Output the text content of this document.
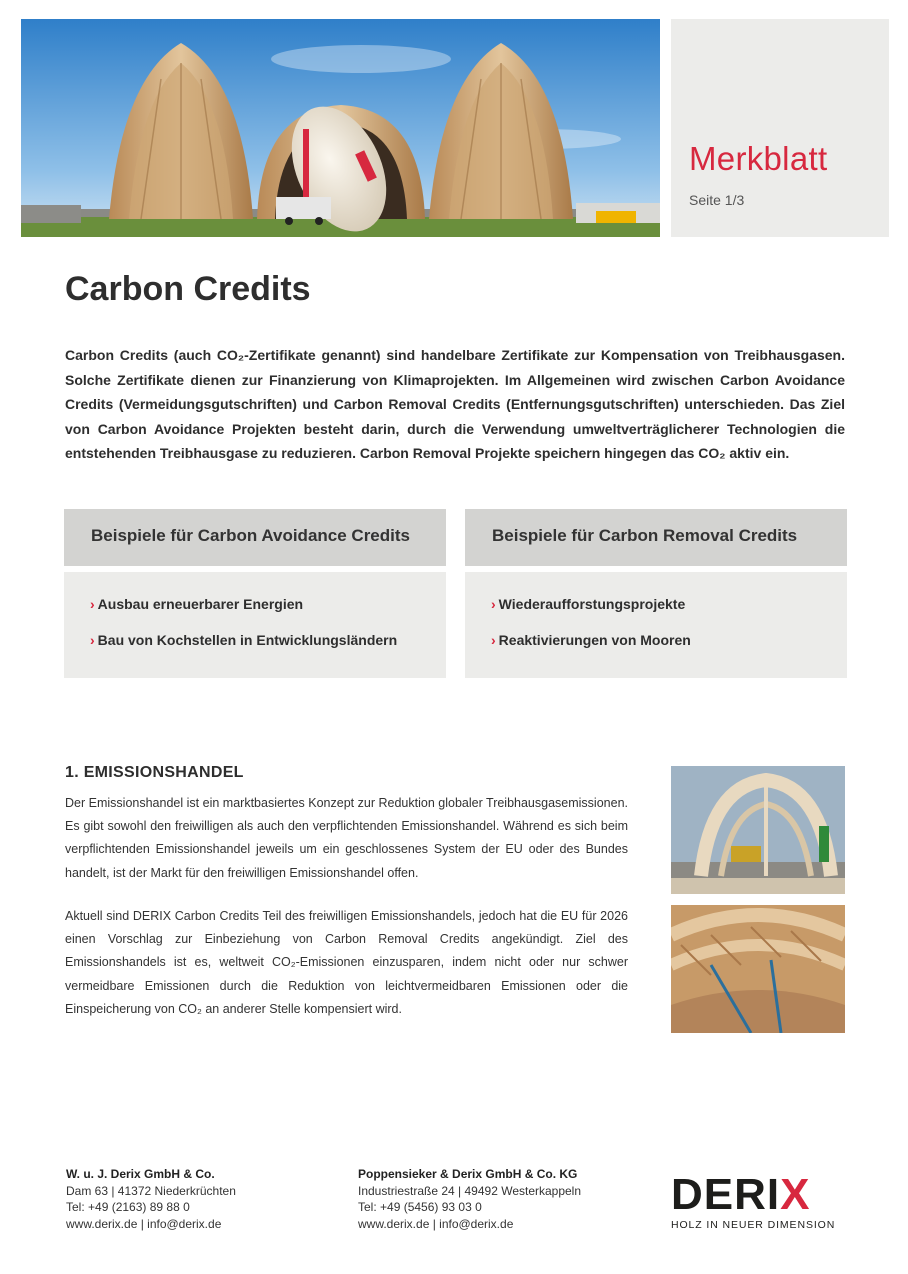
Merkblatt
Seite 1/3
Carbon Credits

Carbon Credits (auch CO₂-Zertifikate genannt) sind handelbare Zertifikate zur Kompensation von Treibhausgasen. Solche Zertifikate dienen zur Finanzierung von Klimaprojekten. Im Allgemeinen wird zwischen Carbon Avoidance Credits (Vermeidungsgutschriften) und Carbon Removal Credits (Entfernungsgutschriften) unterschieden. Das Ziel von Carbon Avoidance Projekten besteht darin, durch die Verwendung umweltverträglicherer Technologien die entstehenden Treibhausgase zu reduzieren. Carbon Removal Projekte speichern hingegen das CO₂ aktiv ein.

Beispiele für Carbon Avoidance Credits
› Ausbau erneuerbarer Energien
› Bau von Kochstellen in Entwicklungsländern
Beispiele für Carbon Removal Credits
› Wiederaufforstungsprojekte
› Reaktivierungen von Mooren
1. EMISSIONSHANDEL

Der Emissionshandel ist ein marktbasiertes Konzept zur Reduktion globaler Treibhausgasemissionen. Es gibt sowohl den freiwilligen als auch den verpflichtenden Emissionshandel. Während es sich beim verpflichtenden Emissionshandel jeweils um ein geschlossenes System der EU oder des Bundes handelt, ist der Markt für den freiwilligen Emissionshandel offen.

Aktuell sind DERIX Carbon Credits Teil des freiwilligen Emissionshandels, jedoch hat die EU für 2026 einen Vorschlag zur Einbeziehung von Carbon Removal Credits angekündigt. Ziel des Emissionshandels ist es, weltweit CO₂-Emissionen einzusparen, indem nicht oder nur schwer vermeidbare Emissionen durch die Reduktion von leichtvermeidbaren Emissionen oder die Einspeicherung von CO₂ an anderer Stelle kompensiert wird.

W. u. J. Derix GmbH & Co.
Dam 63 | 41372 Niederkrüchten
Tel: +49 (2163) 89 88 0
www.derix.de | info@derix.de
Poppensieker & Derix GmbH & Co. KG
Industriestraße 24 | 49492 Westerkappeln
Tel: +49 (5456) 93 03 0
www.derix.de | info@derix.de
DERIX
HOLZ IN NEUER DIMENSION
